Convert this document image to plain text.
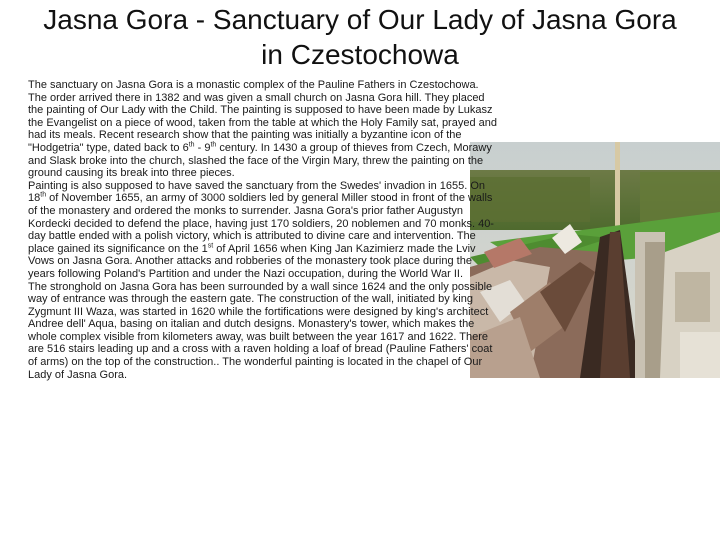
Jasna Gora - Sanctuary of Our Lady of Jasna Gora in Czestochowa

The sanctuary on Jasna Gora is a monastic complex of the Pauline Fathers in Czestochowa. The order arrived there in 1382 and was given a small church on Jasna Gora hill. They placed the painting of Our Lady with the Child. The painting is supposed to have been made by Lukasz the Evangelist on a piece of wood, taken from the table at which the Holy Family sat, prayed and had its meals. Recent research show that the painting was initially a byzantine icon of the "Hodgetria" type, dated back to 6th - 9th century. In 1430 a group of thieves from Czech, Morawy and Slask broke into the church, slashed the face of the Virgin Mary, threw the painting on the ground causing its break into three pieces.

Painting is also supposed to have saved the sanctuary from the Swedes' invadion in 1655. On 18th of November 1655, an army of 3000 soldiers led by general Miller stood in front of the walls of the monastery and ordered the monks to surrender. Jasna Gora's prior father Augustyn Kordecki decided to defend the place, having just 170 soldiers, 20 noblemen and 70 monks. 40-day battle ended with a polish victory, which is attributed to divine care and intervention. The place gained its significance on the 1st of April 1656 when King Jan Kazimierz made the Lviv Vows on Jasna Gora. Another attacks and robberies of the monastery took place during the years following Poland's Partition and under the Nazi occupation, during the World War II.

The stronghold on Jasna Gora has been surrounded by a wall since 1624 and the only possible way of entrance was through the eastern gate. The construction of the wall, initiated by king Zygmunt III Waza, was started in 1620 while the fortifications were designed by king's architect Andree dell' Aqua, basing on italian and dutch designs. Monastery's tower, which makes the whole complex visible from kilometers away, was built between the year 1617 and 1622. There are 516 stairs leading up and a cross with a raven holding a loaf of bread (Pauline Fathers' coat of arms) on the top of the construction.. The wonderful painting is located in the chapel of Our Lady of Jasna Gora.
